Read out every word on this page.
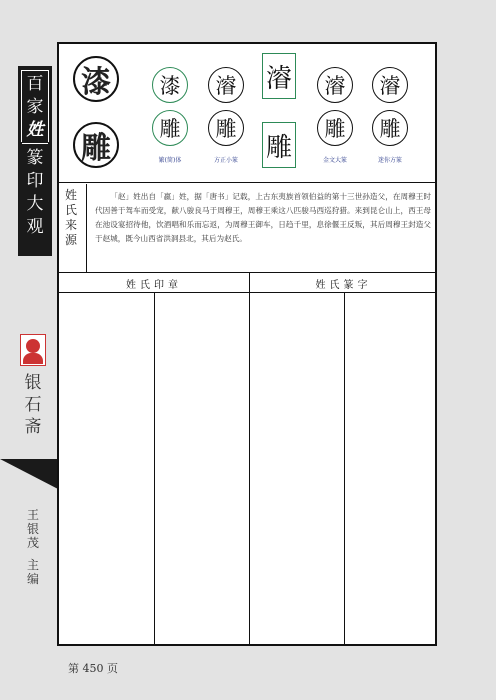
百
家
姓
篆
印
大
观
银
石
斋
王
银
茂
主
编
漆
雕
漆
雕
繁(简)体
𣿰
雕
方正小篆
𣿰
雕
𣿰
雕
金文大篆
𣿰
雕
迷你方篆
姓 氏 来 源
「赵」姓出自「嬴」姓，据「唐书」记载，上古东夷族首领伯益的第十三世孙造父，在周穆王时代因善于驾车而受宠，献八骏良马于周穆王，周穆王乘这八匹骏马西巡狩猎。来到昆仑山上，西王母在池设宴招待他，饮酒唱和乐而忘返，为周穆王御车，日趋千里，息徐偃王反叛，其后周穆王封造父于赵城，既今山西省洪洞县北，其后为赵氏。
姓氏印章	姓氏篆字
第 450 页
